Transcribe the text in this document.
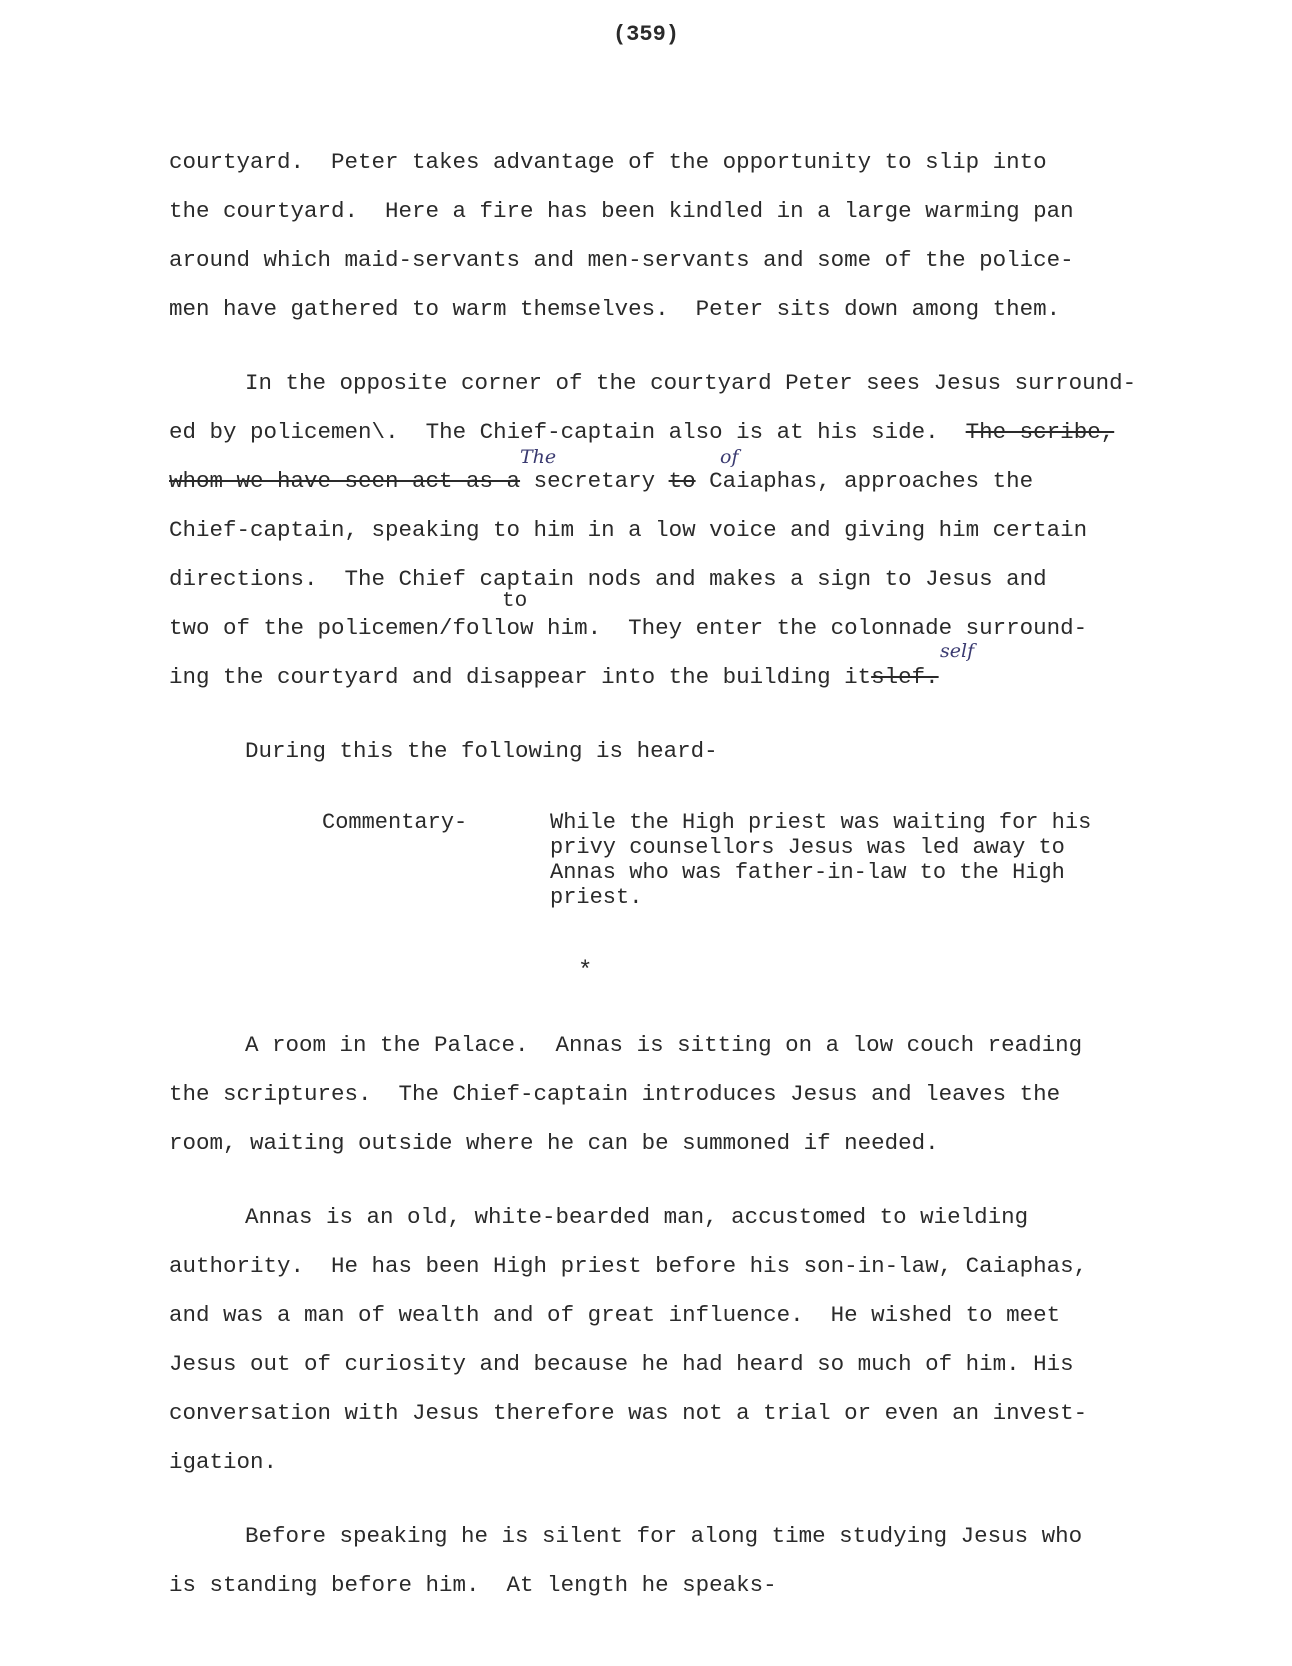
(359)
courtyard.  Peter takes advantage of the opportunity to slip into
the courtyard.  Here a fire has been kindled in a large warming pan
around which maid-servants and men-servants and some of the police-
men have gathered to warm themselves.  Peter sits down among them.
In the opposite corner of the courtyard Peter sees Jesus surround-
ed by policemen\.  The Chief-captain also is at his side.  The scribe,
The	of
whom we have seen act as a secretary to Caiaphas, approaches the
Chief-captain, speaking to him in a low voice and giving him certain
directions.  The Chief captain nods and makes a sign to Jesus and
to
two of the policemen/follow him.  They enter the colonnade surround-
self
ing the courtyard and disappear into the building itslef.
During this the following is heard-
Commentary-	While the High priest was waiting for his
privy counsellors Jesus was led away to
Annas who was father-in-law to the High
priest.
*
A room in the Palace.  Annas is sitting on a low couch reading
the scriptures.  The Chief-captain introduces Jesus and leaves the
room, waiting outside where he can be summoned if needed.
Annas is an old, white-bearded man, accustomed to wielding
authority.  He has been High priest before his son-in-law, Caiaphas,
and was a man of wealth and of great influence.  He wished to meet
Jesus out of curiosity and because he had heard so much of him. His
conversation with Jesus therefore was not a trial or even an invest-
igation.
Before speaking he is silent for along time studying Jesus who
is standing before him.  At length he speaks-
